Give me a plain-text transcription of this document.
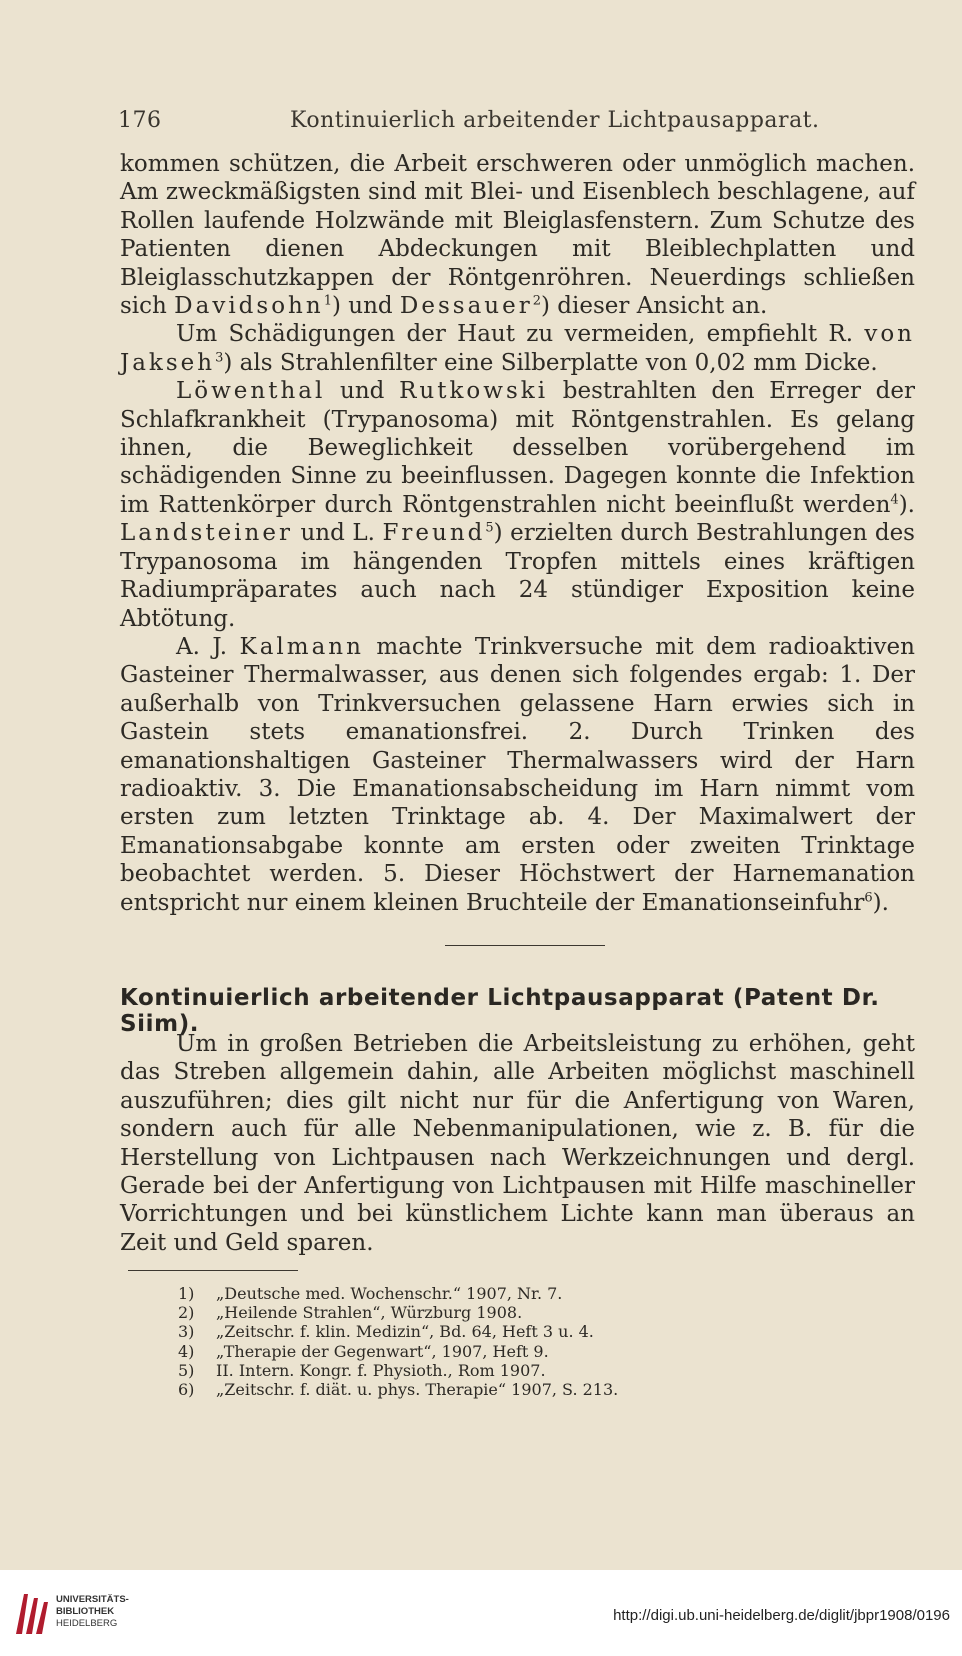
176	Kontinuierlich arbeitender Lichtpausapparat.

kommen schützen, die Arbeit erschweren oder unmöglich machen. Am zweckmäßigsten sind mit Blei- und Eisenblech beschlagene, auf Rollen laufende Holzwände mit Bleiglasfenstern. Zum Schutze des Patienten dienen Abdeckungen mit Bleiblechplatten und Bleiglasschutzkappen der Röntgenröhren. Neuerdings schließen sich Davidsohn$^1$) und Dessauer$^2$) dieser Ansicht an.

Um Schädigungen der Haut zu vermeiden, empfiehlt R. von Jakseh$^3$) als Strahlenfilter eine Silberplatte von 0,02 mm Dicke.

Löwenthal und Rutkowski bestrahlten den Erreger der Schlafkrankheit (Trypanosoma) mit Röntgenstrahlen. Es gelang ihnen, die Beweglichkeit desselben vorübergehend im schädigenden Sinne zu beeinflussen. Dagegen konnte die Infektion im Rattenkörper durch Röntgenstrahlen nicht beeinflußt werden$^4$). Landsteiner und L. Freund$^5$) erzielten durch Bestrahlungen des Trypanosoma im hängenden Tropfen mittels eines kräftigen Radiumpräparates auch nach 24 stündiger Exposition keine Abtötung.

A. J. Kalmann machte Trinkversuche mit dem radioaktiven Gasteiner Thermalwasser, aus denen sich folgendes ergab: 1. Der außerhalb von Trinkversuchen gelassene Harn erwies sich in Gastein stets emanationsfrei. 2. Durch Trinken des emanationshaltigen Gasteiner Thermalwassers wird der Harn radioaktiv. 3. Die Emanationsabscheidung im Harn nimmt vom ersten zum letzten Trinktage ab. 4. Der Maximalwert der Emanationsabgabe konnte am ersten oder zweiten Trinktage beobachtet werden. 5. Dieser Höchstwert der Harnemanation entspricht nur einem kleinen Bruchteile der Emanationseinfuhr$^6$).

Kontinuierlich arbeitender Lichtpausapparat (Patent Dr. Siim).

Um in großen Betrieben die Arbeitsleistung zu erhöhen, geht das Streben allgemein dahin, alle Arbeiten möglichst maschinell auszuführen; dies gilt nicht nur für die Anfertigung von Waren, sondern auch für alle Nebenmanipulationen, wie z. B. für die Herstellung von Lichtpausen nach Werkzeichnungen und dergl. Gerade bei der Anfertigung von Lichtpausen mit Hilfe maschineller Vorrichtungen und bei künstlichem Lichte kann man überaus an Zeit und Geld sparen.

1)	„Deutsche med. Wochenschr.“ 1907, Nr. 7.
2)	„Heilende Strahlen“, Würzburg 1908.
3)	„Zeitschr. f. klin. Medizin“, Bd. 64, Heft 3 u. 4.
4)	„Therapie der Gegenwart“, 1907, Heft 9.
5)	II. Intern. Kongr. f. Physioth., Rom 1907.
6)	„Zeitschr. f. diät. u. phys. Therapie“ 1907, S. 213.
UNIVERSITÄTS-
BIBLIOTHEK
HEIDELBERG	http://digi.ub.uni-heidelberg.de/diglit/jbpr1908/0196
